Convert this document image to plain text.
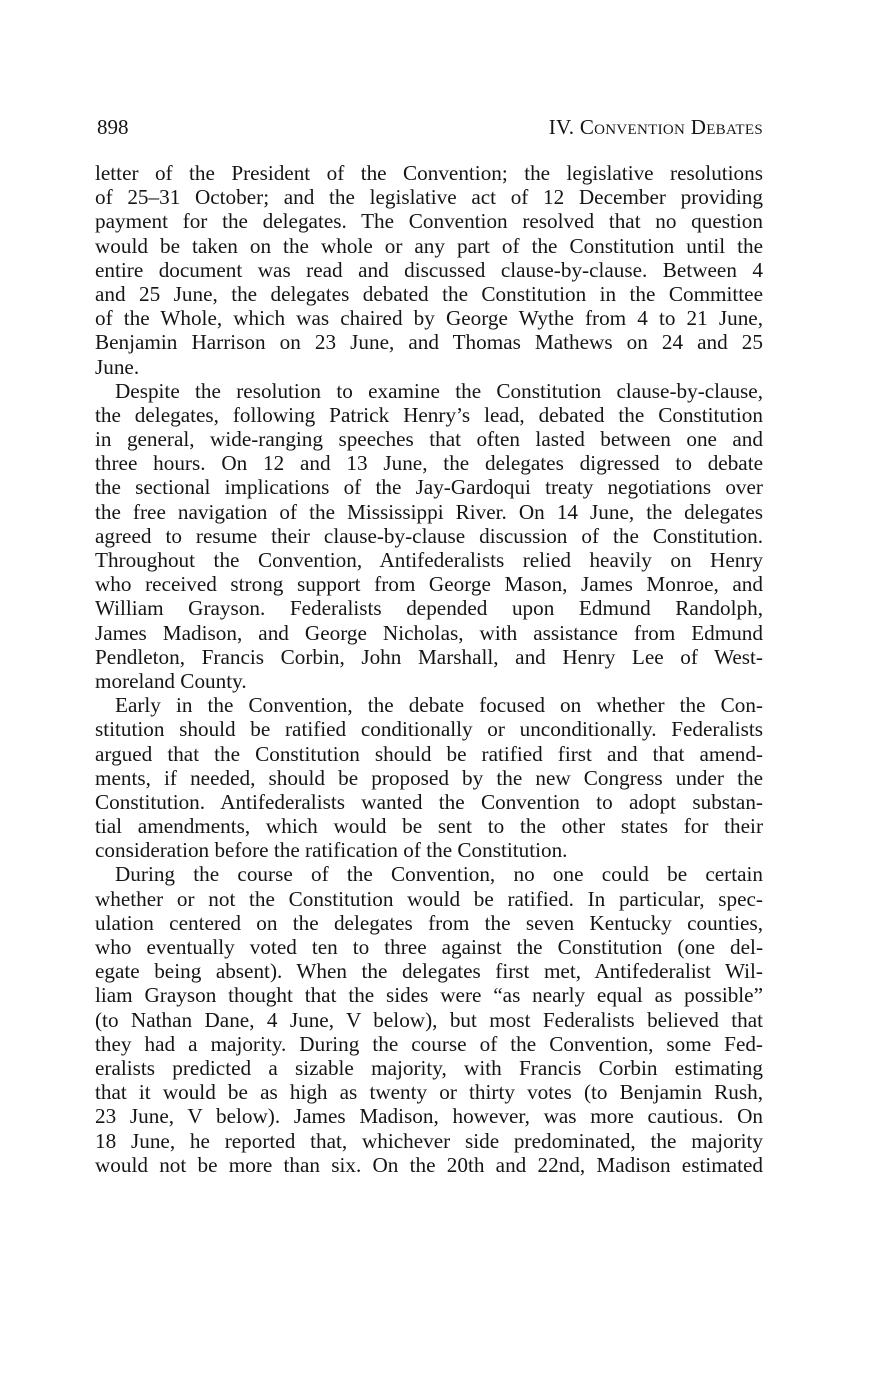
898	IV. Convention Debates
letter of the President of the Convention; the legislative resolutions
of 25–31 October; and the legislative act of 12 December providing
payment for the delegates. The Convention resolved that no question
would be taken on the whole or any part of the Constitution until the
entire document was read and discussed clause-by-clause. Between 4
and 25 June, the delegates debated the Constitution in the Committee
of the Whole, which was chaired by George Wythe from 4 to 21 June,
Benjamin Harrison on 23 June, and Thomas Mathews on 24 and 25
June.
Despite the resolution to examine the Constitution clause-by-clause,
the delegates, following Patrick Henry’s lead, debated the Constitution
in general, wide-ranging speeches that often lasted between one and
three hours. On 12 and 13 June, the delegates digressed to debate
the sectional implications of the Jay-Gardoqui treaty negotiations over
the free navigation of the Mississippi River. On 14 June, the delegates
agreed to resume their clause-by-clause discussion of the Constitution.
Throughout the Convention, Antifederalists relied heavily on Henry
who received strong support from George Mason, James Monroe, and
William Grayson. Federalists depended upon Edmund Randolph,
James Madison, and George Nicholas, with assistance from Edmund
Pendleton, Francis Corbin, John Marshall, and Henry Lee of West-
moreland County.
Early in the Convention, the debate focused on whether the Con-
stitution should be ratified conditionally or unconditionally. Federalists
argued that the Constitution should be ratified first and that amend-
ments, if needed, should be proposed by the new Congress under the
Constitution. Antifederalists wanted the Convention to adopt substan-
tial amendments, which would be sent to the other states for their
consideration before the ratification of the Constitution.
During the course of the Convention, no one could be certain
whether or not the Constitution would be ratified. In particular, spec-
ulation centered on the delegates from the seven Kentucky counties,
who eventually voted ten to three against the Constitution (one del-
egate being absent). When the delegates first met, Antifederalist Wil-
liam Grayson thought that the sides were “as nearly equal as possible”
(to Nathan Dane, 4 June, V below), but most Federalists believed that
they had a majority. During the course of the Convention, some Fed-
eralists predicted a sizable majority, with Francis Corbin estimating
that it would be as high as twenty or thirty votes (to Benjamin Rush,
23 June, V below). James Madison, however, was more cautious. On
18 June, he reported that, whichever side predominated, the majority
would not be more than six. On the 20th and 22nd, Madison estimated
